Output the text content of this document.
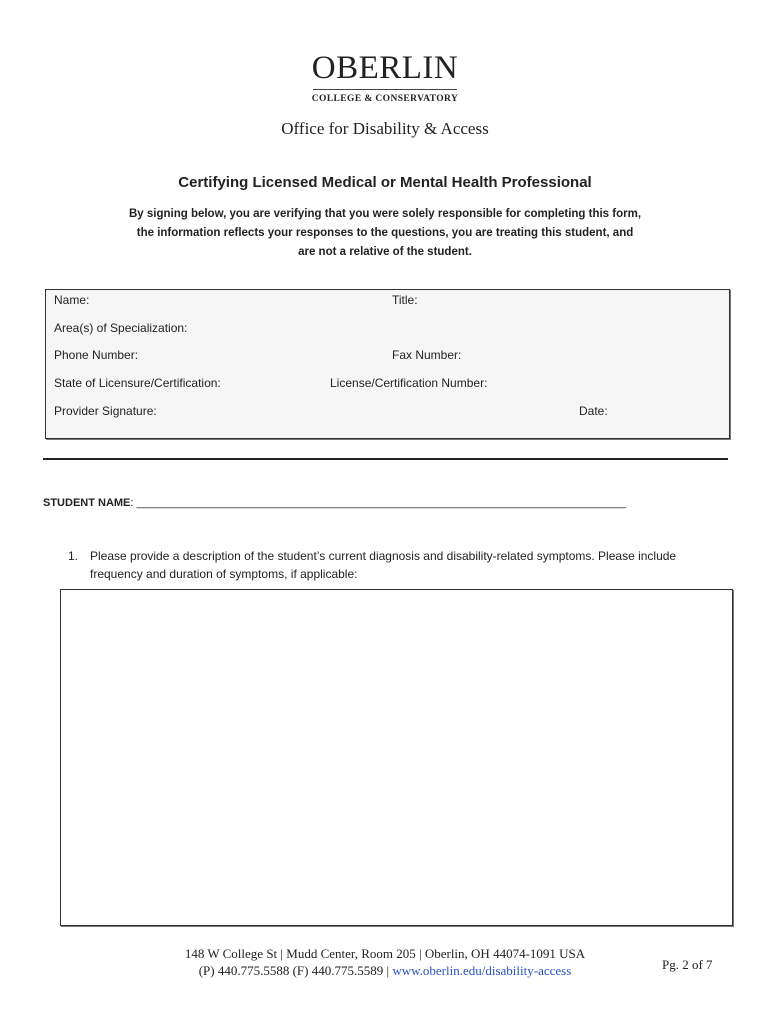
OBERLIN
COLLEGE & CONSERVATORY
Office for Disability & Access
Certifying Licensed Medical or Mental Health Professional
By signing below, you are verifying that you were solely responsible for completing this form,
the information reflects your responses to the questions, you are treating this student, and
are not a relative of the student.
Name:	Title:
Area(s) of Specialization:
Phone Number:	Fax Number:
State of Licensure/Certification:	License/Certification Number:
Provider Signature:	Date:
STUDENT NAME: ________________________________________________________________________________
1. Please provide a description of the student’s current diagnosis and disability-related symptoms. Please include frequency and duration of symptoms, if applicable:
148 W College St | Mudd Center, Room 205 | Oberlin, OH 44074-1091 USA
(P) 440.775.5588 (F) 440.775.5589 | www.oberlin.edu/disability-access	Pg. 2 of 7
